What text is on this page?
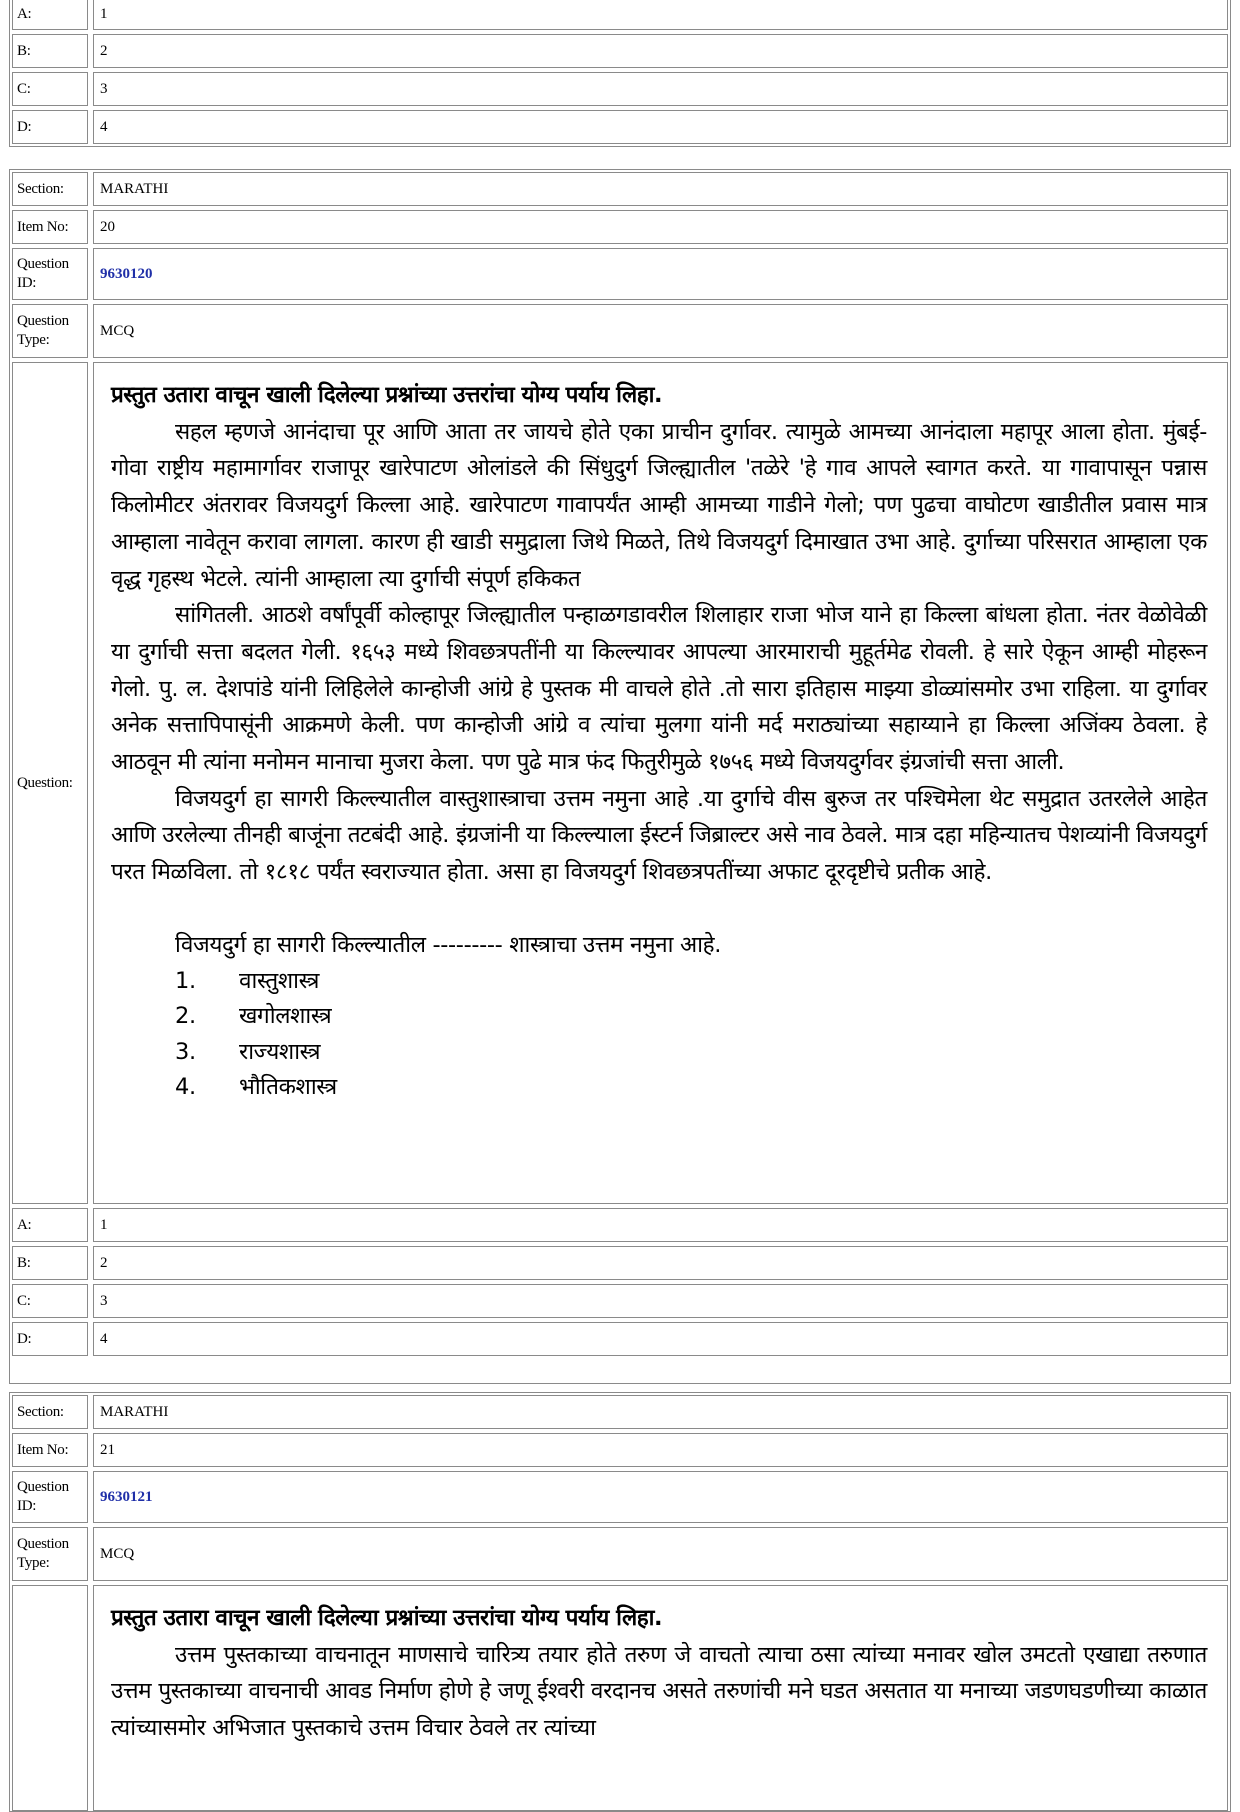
A:	1
B:	2
C:	3
D:	4
Section:	MARATHI
Item No:	20
Question ID:
9630120
Question Type:
MCQ
Question:
प्रस्तुत उतारा वाचून खाली दिलेल्या प्रश्नांच्या उत्तरांचा योग्य पर्याय लिहा.

सहल म्हणजे आनंदाचा पूर आणि आता तर जायचे होते एका प्राचीन दुर्गावर. त्यामुळे आमच्या आनंदाला महापूर आला होता. मुंबई-गोवा राष्ट्रीय महामार्गावर राजापूर खारेपाटण ओलांडले की सिंधुदुर्ग जिल्ह्यातील 'तळेरे 'हे गाव आपले स्वागत करते. या गावापासून पन्नास किलोमीटर अंतरावर विजयदुर्ग किल्ला आहे. खारेपाटण गावापर्यंत आम्ही आमच्या गाडीने गेलो; पण पुढचा वाघोटण खाडीतील प्रवास मात्र आम्हाला नावेतून करावा लागला. कारण ही खाडी समुद्राला जिथे मिळते, तिथे विजयदुर्ग दिमाखात उभा आहे. दुर्गाच्या परिसरात आम्हाला एक वृद्ध गृहस्थ भेटले. त्यांनी आम्हाला त्या दुर्गाची संपूर्ण हकिकत

सांगितली. आठशे वर्षांपूर्वी कोल्हापूर जिल्ह्यातील पन्हाळगडावरील शिलाहार राजा भोज याने हा किल्ला बांधला होता. नंतर वेळोवेळी या दुर्गाची सत्ता बदलत गेली. १६५३ मध्ये शिवछत्रपतींनी या किल्ल्यावर आपल्या आरमाराची मुहूर्तमेढ रोवली. हे सारे ऐकून आम्ही मोहरून गेलो. पु. ल. देशपांडे यांनी लिहिलेले कान्होजी आंग्रे हे पुस्तक मी वाचले होते .तो सारा इतिहास माझ्या डोळ्यांसमोर उभा राहिला. या दुर्गावर अनेक सत्तापिपासूंनी आक्रमणे केली. पण कान्होजी आंग्रे व त्यांचा मुलगा यांनी मर्द मराठ्यांच्या सहाय्याने हा किल्ला अजिंक्य ठेवला. हे आठवून मी त्यांना मनोमन मानाचा मुजरा केला. पण पुढे मात्र फंद फितुरीमुळे १७५६ मध्ये विजयदुर्गवर इंग्रजांची सत्ता आली.

विजयदुर्ग हा सागरी किल्ल्यातील वास्तुशास्त्राचा उत्तम नमुना आहे .या दुर्गाचे वीस बुरुज तर पश्चिमेला थेट समुद्रात उतरलेले आहेत आणि उरलेल्या तीनही बाजूंना तटबंदी आहे. इंग्रजांनी या किल्ल्याला ईस्टर्न जिब्राल्टर असे नाव ठेवले. मात्र दहा महिन्यातच पेशव्यांनी विजयदुर्ग परत मिळविला. तो १८१८ पर्यंत स्वराज्यात होता. असा हा विजयदुर्ग शिवछत्रपतींच्या अफाट दूरदृष्टीचे प्रतीक आहे.

विजयदुर्ग हा सागरी किल्ल्यातील --------- शास्त्राचा उत्तम नमुना आहे.

1. वास्तुशास्त्र
2. खगोलशास्त्र
3. राज्यशास्त्र
4. भौतिकशास्त्र
A:	1
B:	2
C:	3
D:	4
Section:	MARATHI
Item No:	21
Question ID:
9630121
Question Type:
MCQ
प्रस्तुत उतारा वाचून खाली दिलेल्या प्रश्नांच्या उत्तरांचा योग्य पर्याय लिहा.

उत्तम पुस्तकाच्या वाचनातून माणसाचे चारित्र्य तयार होते तरुण जे वाचतो त्याचा ठसा त्यांच्या मनावर खोल उमटतो एखाद्या तरुणात उत्तम पुस्तकाच्या वाचनाची आवड निर्माण होणे हे जणू ईश्वरी वरदानच असते तरुणांची मने घडत असतात या मनाच्या जडणघडणीच्या काळात त्यांच्यासमोर अभिजात पुस्तकाचे उत्तम विचार ठेवले तर त्यांच्या
